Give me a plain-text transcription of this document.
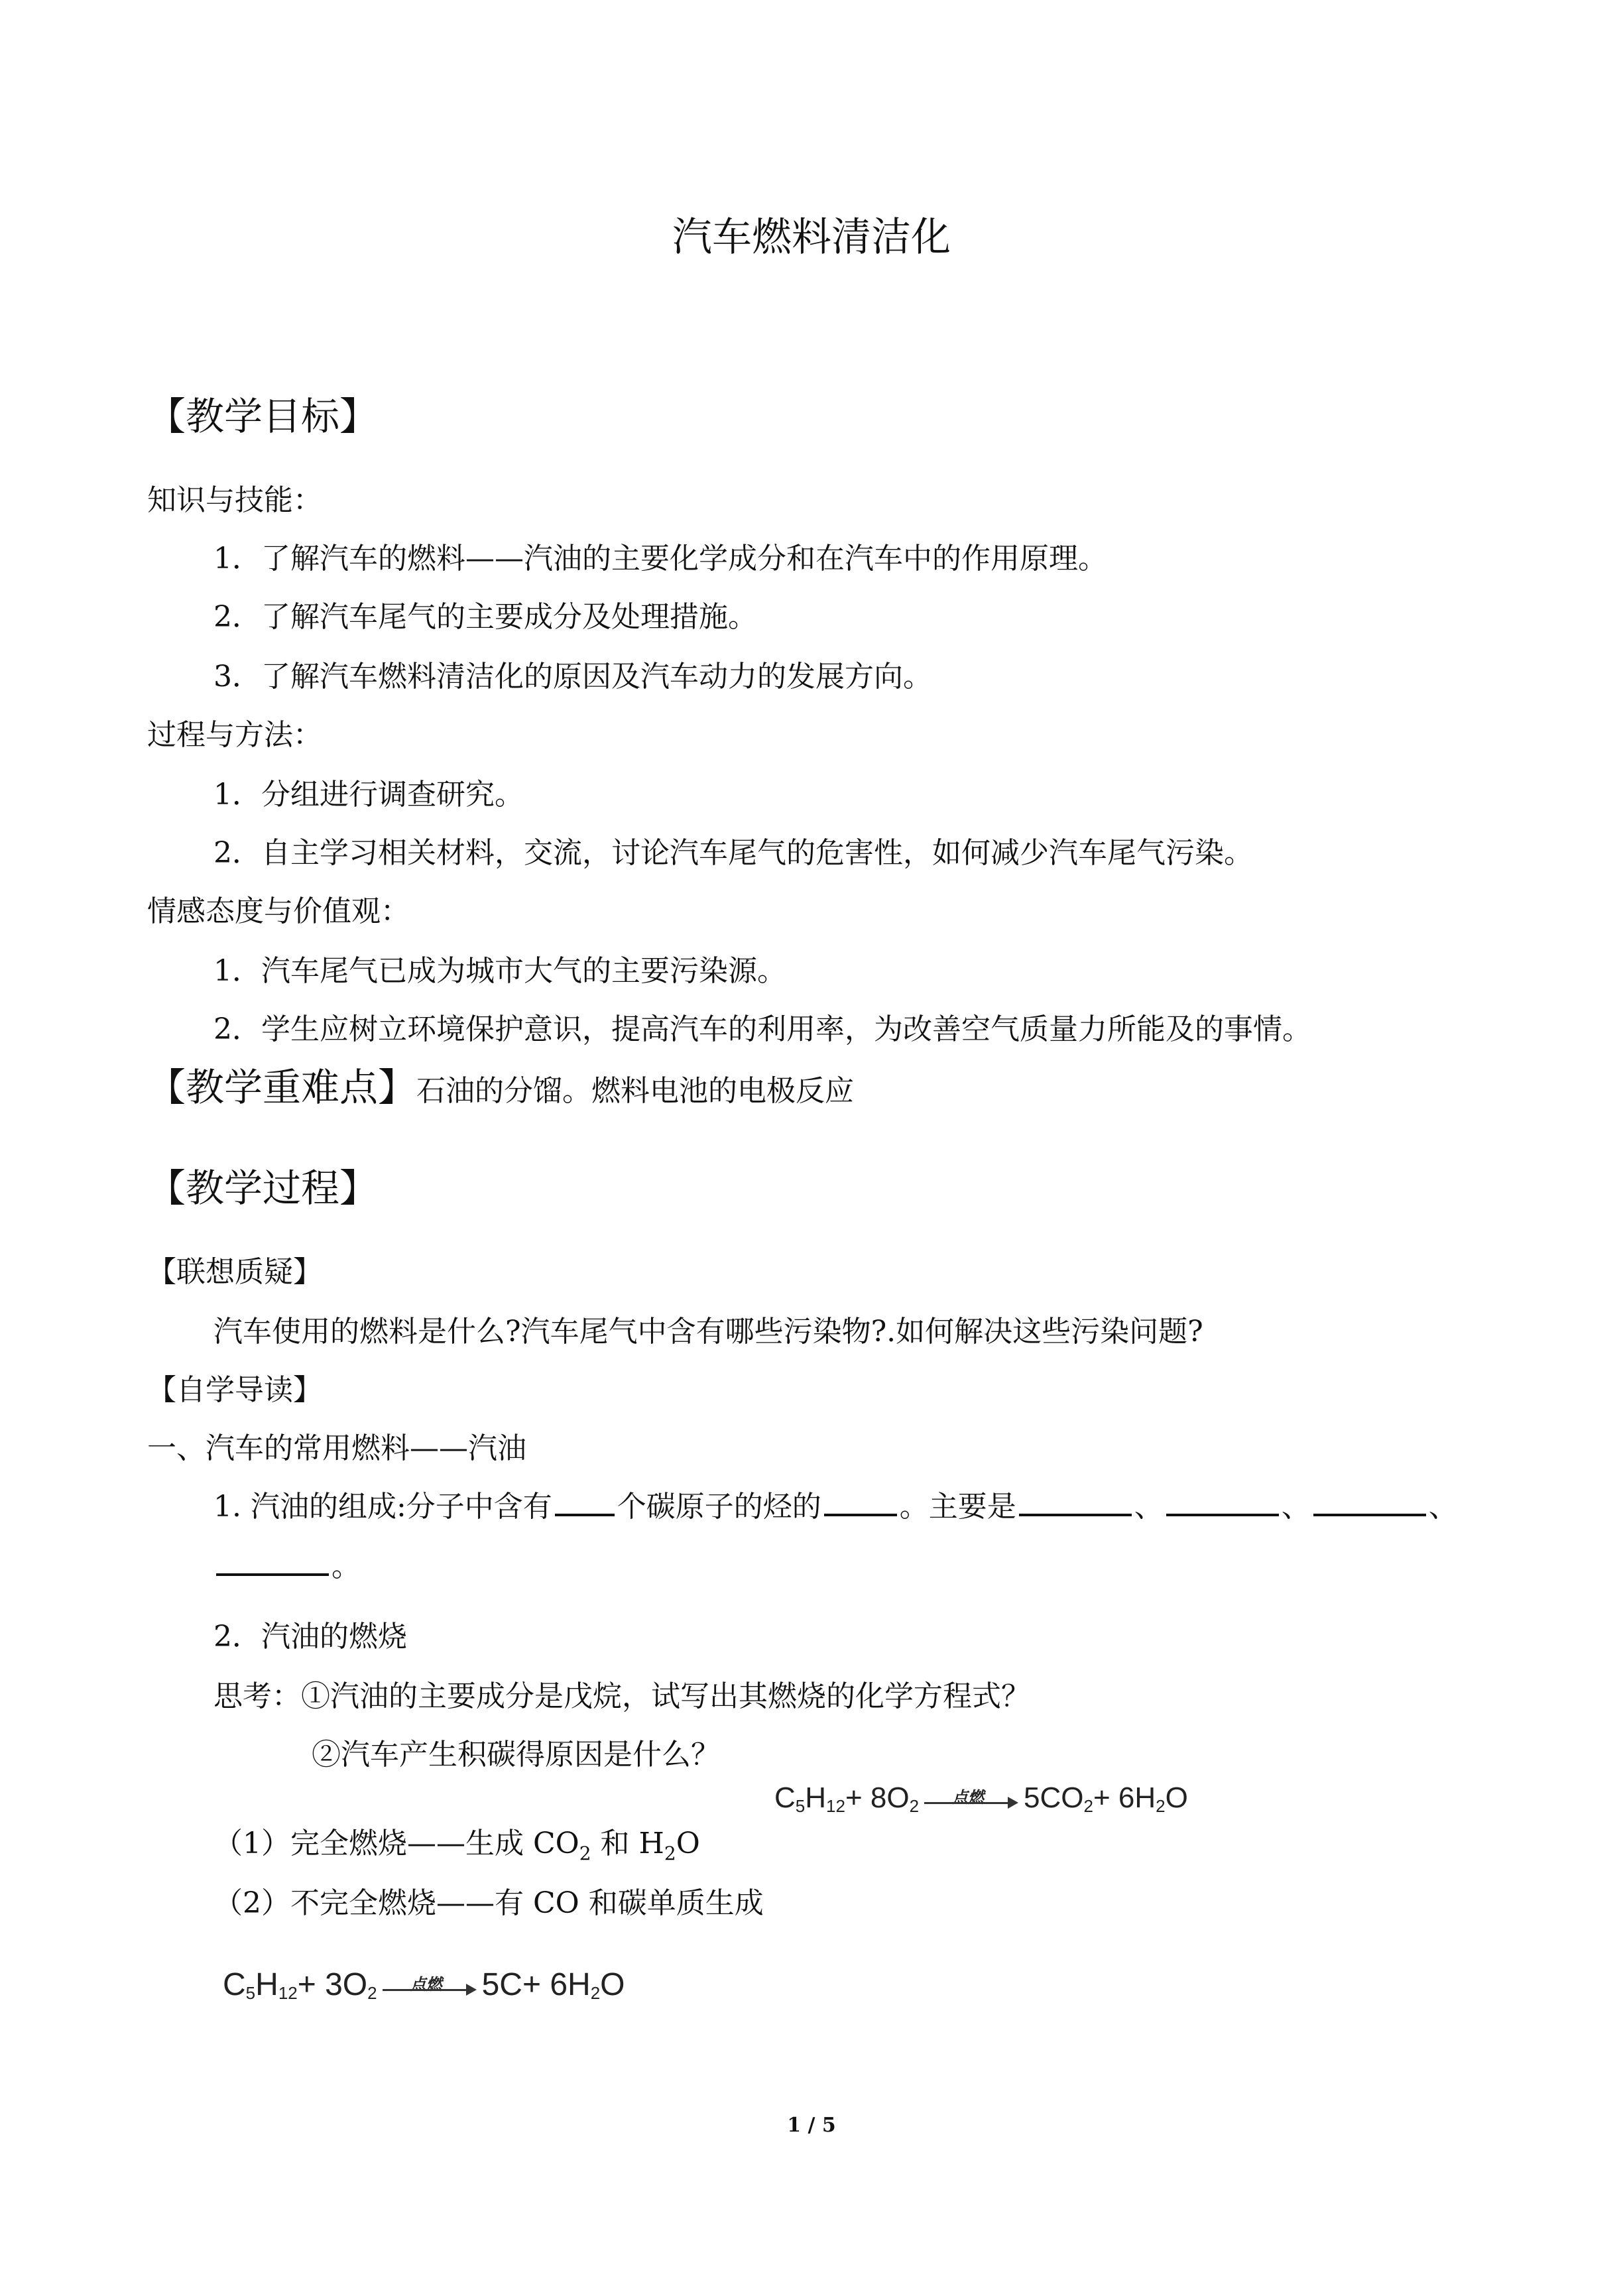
汽车燃料清洁化
【教学目标】
知识与技能：
1．了解汽车的燃料——汽油的主要化学成分和在汽车中的作用原理。
2．了解汽车尾气的主要成分及处理措施。
3．了解汽车燃料清洁化的原因及汽车动力的发展方向。
过程与方法：
1．分组进行调查研究。
2．自主学习相关材料，交流，讨论汽车尾气的危害性，如何减少汽车尾气污染。
情感态度与价值观：
1．汽车尾气已成为城市大气的主要污染源。
2．学生应树立环境保护意识，提高汽车的利用率，为改善空气质量力所能及的事情。
【教学重难点】石油的分馏。燃料电池的电极反应
【教学过程】
【联想质疑】
汽车使用的燃料是什么?汽车尾气中含有哪些污染物?.如何解决这些污染问题?
【自学导读】
一、汽车的常用燃料——汽油
1. 汽油的组成:分子中含有 个碳原子的烃的	。主要是	、	、	、
。
2．汽油的燃烧
思考：①汽油的主要成分是戊烷，试写出其燃烧的化学方程式？
②汽车产生积碳得原因是什么？
C 5 H 12 + 8O 2	点燃	5CO 2 + 6H 2 O
（1）完全燃烧——生成 $CO_2$ 和 $H_2O$
（2）不完全燃烧——有 CO 和碳单质生成
C 5 H 12 + 3O 2	点燃	5C + 6H 2 O
1 / 5
